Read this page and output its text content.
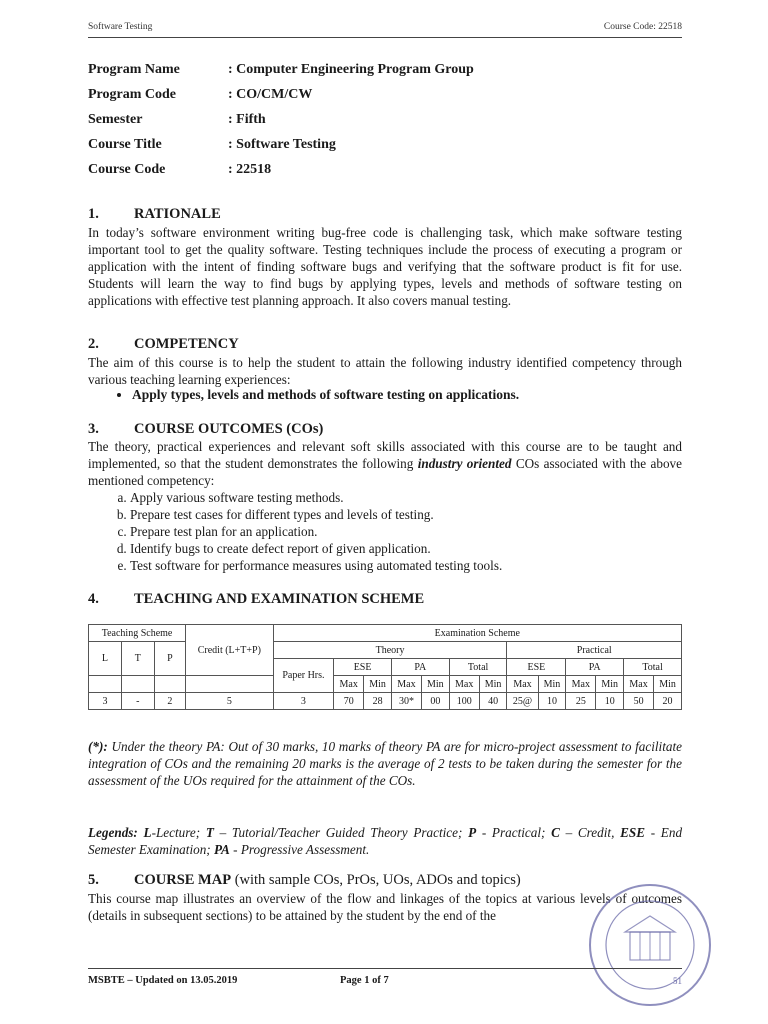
Software Testing	Course Code: 22518
Program Name	: Computer Engineering Program Group
Program Code	: CO/CM/CW
Semester	: Fifth
Course Title	: Software Testing
Course Code	: 22518
1. RATIONALE
In today’s software environment writing bug-free code is challenging task, which make software testing important tool to get the quality software. Testing techniques include the process of executing a program or application with the intent of finding software bugs and verifying that the software product is fit for use. Students will learn the way to find bugs by applying types, levels and methods of software testing on applications with effective test planning approach. It also covers manual testing.
2. COMPETENCY
The aim of this course is to help the student to attain the following industry identified competency through various teaching learning experiences:
• Apply types, levels and methods of software testing on applications.
3. COURSE OUTCOMES (COs)
The theory, practical experiences and relevant soft skills associated with this course are to be taught and implemented, so that the student demonstrates the following industry oriented COs associated with the above mentioned competency:
a. Apply various software testing methods.
b. Prepare test cases for different types and levels of testing.
c. Prepare test plan for an application.
d. Identify bugs to create defect report of given application.
e. Test software for performance measures using automated testing tools.
4. TEACHING AND EXAMINATION SCHEME
Teaching Scheme			Credit (L+T+P)	Examination Scheme												

L	T	P		Theory							Practical					
				Paper Hrs.	ESE		PA		Total		ESE		PA		Total	
					Max	Min	Max	Min	Max	Min	Max	Min	Max	Min	Max	Min
3	-	2	5	3	70	28	30*	00	100	40	25@	10	25	10	50	20
(*): Under the theory PA: Out of 30 marks, 10 marks of theory PA are for micro-project assessment to facilitate integration of COs and the remaining 20 marks is the average of 2 tests to be taken during the semester for the assessment of the UOs required for the attainment of the COs.
Legends: L-Lecture; T – Tutorial/Teacher Guided Theory Practice; P - Practical; C – Credit, ESE - End Semester Examination; PA - Progressive Assessment.
5. COURSE MAP (with sample COs, PrOs, UOs, ADOs and topics)
This course map illustrates an overview of the flow and linkages of the topics at various levels of outcomes (details in subsequent sections) to be attained by the student by the end of the
51
MSBTE – Updated on 13.05.2019	Page 1 of 7
